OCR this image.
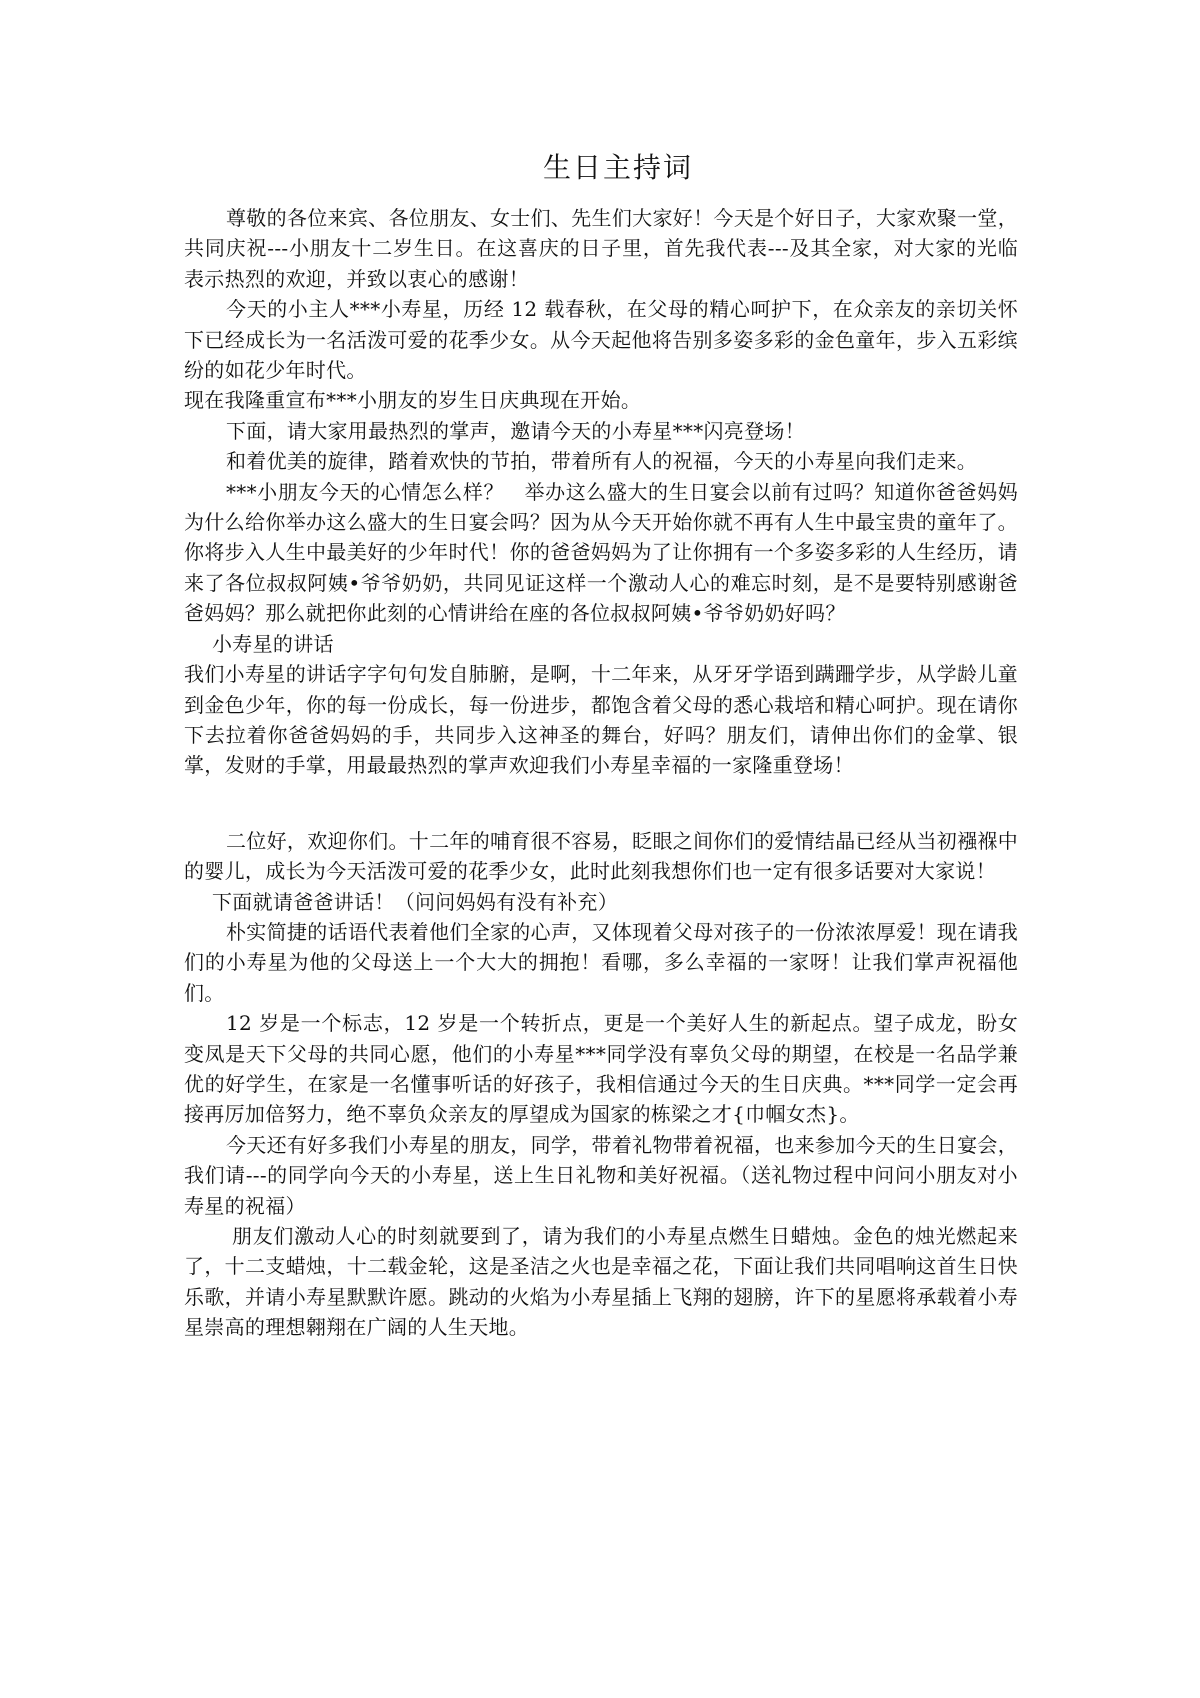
生日主持词

尊敬的各位来宾、各位朋友、女士们、先生们大家好！今天是个好日子，大家欢聚一堂，共同庆祝---小朋友十二岁生日。在这喜庆的日子里，首先我代表---及其全家，对大家的光临表示热烈的欢迎，并致以衷心的感谢！

今天的小主人***小寿星，历经 12 载春秋，在父母的精心呵护下，在众亲友的亲切关怀下已经成长为一名活泼可爱的花季少女。从今天起他将告别多姿多彩的金色童年，步入五彩缤纷的如花少年时代。

现在我隆重宣布***小朋友的岁生日庆典现在开始。

下面，请大家用最热烈的掌声，邀请今天的小寿星***闪亮登场！

和着优美的旋律，踏着欢快的节拍，带着所有人的祝福，今天的小寿星向我们走来。

***小朋友今天的心情怎么样？　举办这么盛大的生日宴会以前有过吗？知道你爸爸妈妈为什么给你举办这么盛大的生日宴会吗？因为从今天开始你就不再有人生中最宝贵的童年了。你将步入人生中最美好的少年时代！你的爸爸妈妈为了让你拥有一个多姿多彩的人生经历，请来了各位叔叔阿姨•爷爷奶奶，共同见证这样一个激动人心的难忘时刻，是不是要特别感谢爸爸妈妈？那么就把你此刻的心情讲给在座的各位叔叔阿姨•爷爷奶奶好吗？

小寿星的讲话

我们小寿星的讲话字字句句发自肺腑，是啊，十二年来，从牙牙学语到蹒跚学步，从学龄儿童到金色少年，你的每一份成长，每一份进步，都饱含着父母的悉心栽培和精心呵护。现在请你下去拉着你爸爸妈妈的手，共同步入这神圣的舞台，好吗？朋友们，请伸出你们的金掌、银掌，发财的手掌，用最最热烈的掌声欢迎我们小寿星幸福的一家隆重登场！

二位好，欢迎你们。十二年的哺育很不容易，眨眼之间你们的爱情结晶已经从当初襁褓中的婴儿，成长为今天活泼可爱的花季少女，此时此刻我想你们也一定有很多话要对大家说！

下面就请爸爸讲话！（问问妈妈有没有补充）

朴实简捷的话语代表着他们全家的心声，又体现着父母对孩子的一份浓浓厚爱！现在请我们的小寿星为他的父母送上一个大大的拥抱！看哪，多么幸福的一家呀！让我们掌声祝福他们。

12 岁是一个标志，12 岁是一个转折点，更是一个美好人生的新起点。望子成龙，盼女变凤是天下父母的共同心愿，他们的小寿星***同学没有辜负父母的期望，在校是一名品学兼优的好学生，在家是一名懂事听话的好孩子，我相信通过今天的生日庆典。***同学一定会再接再厉加倍努力，绝不辜负众亲友的厚望成为国家的栋梁之才{巾帼女杰}。

今天还有好多我们小寿星的朋友，同学，带着礼物带着祝福，也来参加今天的生日宴会，我们请---的同学向今天的小寿星，送上生日礼物和美好祝福。（送礼物过程中问问小朋友对小寿星的祝福）

朋友们激动人心的时刻就要到了，请为我们的小寿星点燃生日蜡烛。金色的烛光燃起来了，十二支蜡烛，十二载金轮，这是圣洁之火也是幸福之花，下面让我们共同唱响这首生日快乐歌，并请小寿星默默许愿。跳动的火焰为小寿星插上飞翔的翅膀，许下的星愿将承载着小寿星崇高的理想翱翔在广阔的人生天地。
